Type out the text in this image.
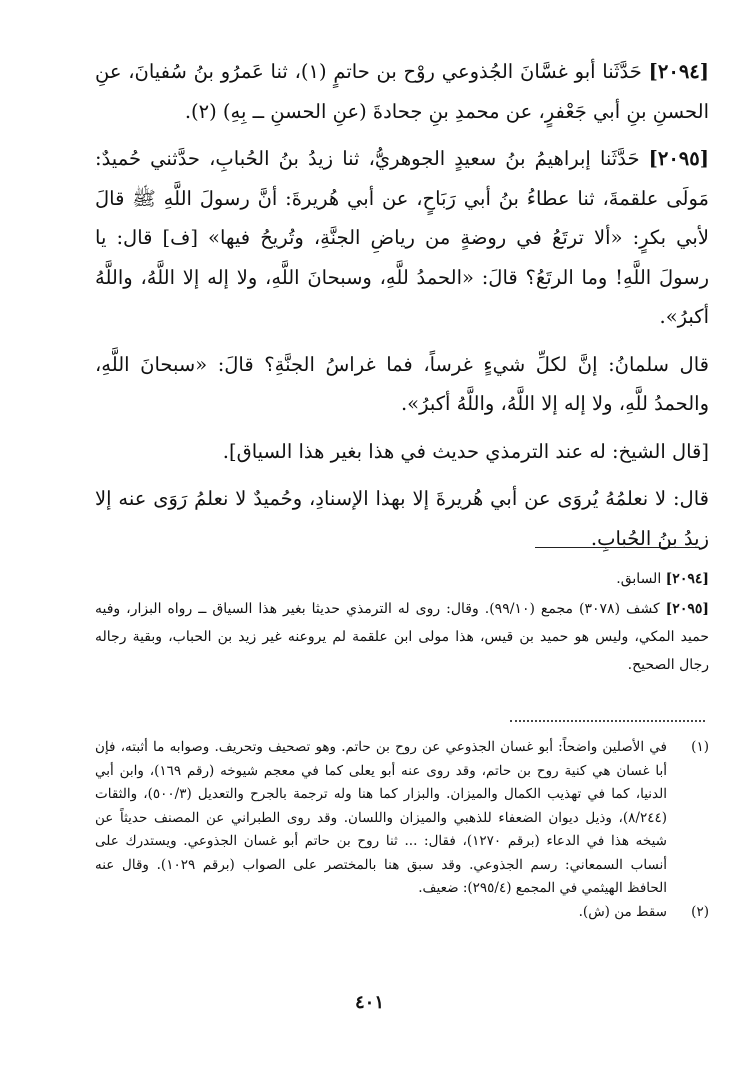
[٢٠٩٤] حَدَّثَنا أبو غسَّانَ الجُذوعي روْح بن حاتمٍ (١)، ثنا عَمرُو بنُ سُفيانَ، عنِ الحسنِ بنِ أبي جَعْفرٍ، عن محمدِ بنِ جحادةَ (عنِ الحسنِ ــ بِهِ) (٢).

[٢٠٩٥] حَدَّثَنا إبراهيمُ بنُ سعيدٍ الجوهريُّ، ثنا زيدُ بنُ الحُبابِ، حدَّثني حُميدٌ: مَولَى علقمةَ، ثنا عطاءُ بنُ أبي رَبَاحٍ، عن أبي هُريرةَ: أنَّ رسولَ اللَّهِ ﷺ قالَ لأبي بكرٍ: «ألا ترتَعُ في روضةٍ من رياضِ الجنَّةِ، وتُريحُ فيها» [ف] قال: يا رسولَ اللَّهِ! وما الرتَعُ؟ قالَ: «الحمدُ للَّهِ، وسبحانَ اللَّهِ، ولا إله إلا اللَّهُ، واللَّهُ أكبرُ».

قال سلمانُ: إنَّ لكلِّ شيءٍ غرساً، فما غراسُ الجنَّةِ؟ قالَ: «سبحانَ اللَّهِ، والحمدُ للَّهِ، ولا إله إلا اللَّهُ، واللَّهُ أكبرُ».

[قال الشيخ: له عند الترمذي حديث في هذا بغير هذا السياق].

قال: لا نعلمُهُ يُروَى عن أبي هُريرةَ إلا بهذا الإسنادِ، وحُميدٌ لا نعلمُ رَوَى عنه إلا زيدُ بنُ الحُبابِ.

[٢٠٩٤] السابق.

[٢٠٩٥] كشف (٣٠٧٨) مجمع (٩٩/١٠). وقال: روى له الترمذي حديثا بغير هذا السياق ــ رواه البزار، وفيه حميد المكي، وليس هو حميد بن قيس، هذا مولى ابن علقمة لم يروعنه غير زيد بن الحباب، وبقية رجاله رجال الصحيح.

(١)
في الأصلين واضحاً: أبو غسان الجذوعي عن روح بن حاتم. وهو تصحيف وتحريف. وصوابه ما أثبته، فإن أبا غسان هي كنية روح بن حاتم، وقد روى عنه أبو يعلى كما في معجم شيوخه (رقم ١٦٩)، وابن أبي الدنيا، كما في تهذيب الكمال والميزان. والبزار كما هنا وله ترجمة بالجرح والتعديل (٥٠٠/٣)، والثقات (٨/٢٤٤)، وذيل ديوان الضعفاء للذهبي والميزان واللسان. وقد روى الطبراني عن المصنف حديثاً عن شيخه هذا في الدعاء (برقم ١٢٧٠)، فقال: ... ثنا روح بن حاتم أبو غسان الجذوعي. ويستدرك على أنساب السمعاني: رسم الجذوعي. وقد سبق هنا بالمختصر على الصواب (برقم ١٠٢٩). وقال عنه الحافظ الهيثمي في المجمع (٢٩٥/٤): ضعيف.
(٢)
سقط من (ش).
٤٠١
